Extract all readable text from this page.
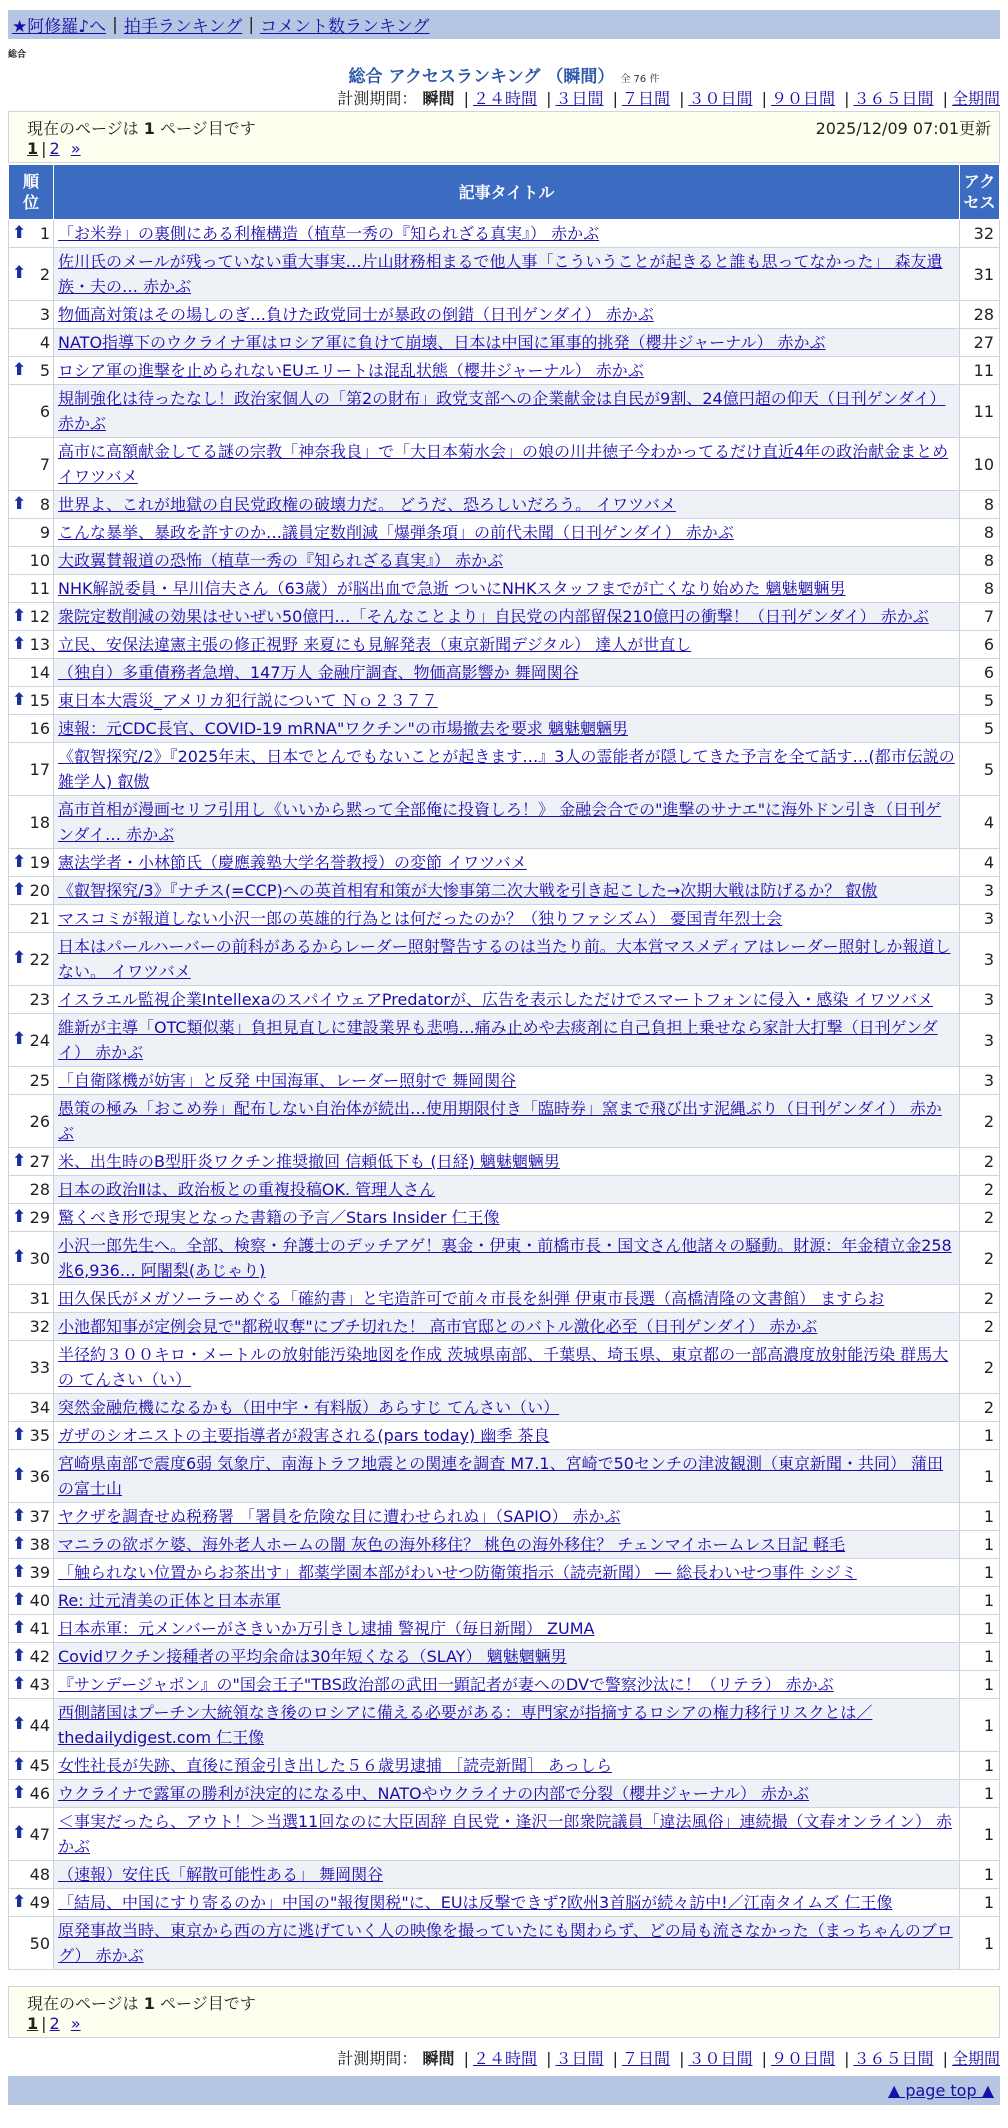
★阿修羅♪へ | 拍手ランキング | コメント数ランキング
総合
総合 アクセスランキング （瞬間） 全 76 件
計測期間： 瞬間 | ２４時間 | ３日間 | ７日間 | ３０日間 | ９０日間 | ３６５日間 | 全期間
現在のページは 1 ページ目です	2025/12/09 07:01更新
1 | 2 »
順位	記事タイトル	アクセス

⬆ 1	「お米券」の裏側にある利権構造（植草一秀の『知られざる真実』） 赤かぶ	32

⬆ 2	佐川氏のメールが残っていない重大事実…片山財務相まるで他人事「こういうことが起きると誰も思ってなかった」 森友遺族・夫の… 赤かぶ	31
3	物価高対策はその場しのぎ…負けた政党同士が暴政の倒錯（日刊ゲンダイ） 赤かぶ	28
4	NATO指導下のウクライナ軍はロシア軍に負けて崩壊、日本は中国に軍事的挑発（櫻井ジャーナル） 赤かぶ	27

⬆ 5	ロシア軍の進撃を止められないEUエリートは混乱状態（櫻井ジャーナル） 赤かぶ	11
6	規制強化は待ったなし！政治家個人の「第2の財布」政党支部への企業献金は自民が9割、24億円超の仰天（日刊ゲンダイ） 赤かぶ	11
7	高市に高額献金してる謎の宗教「神奈我良」で「大日本菊水会」の娘の川井徳子今わかってるだけ直近4年の政治献金まとめ イワツバメ	10

⬆ 8	世界よ、これが地獄の自民党政権の破壊力だ。 どうだ、恐ろしいだろう。 イワツバメ	8
9	こんな暴挙、暴政を許すのか…議員定数削減「爆弾条項」の前代未聞（日刊ゲンダイ） 赤かぶ	8
10	大政翼賛報道の恐怖（植草一秀の『知られざる真実』） 赤かぶ	8
11	NHK解説委員・早川信夫さん（63歳）が脳出血で急逝 ついにNHKスタッフまでが亡くなり始めた 魑魅魍魎男	8

⬆ 12	衆院定数削減の効果はせいぜい50億円…「そんなことより」自民党の内部留保210億円の衝撃！（日刊ゲンダイ） 赤かぶ	7

⬆ 13	立民、安保法違憲主張の修正視野 来夏にも見解発表（東京新聞デジタル） 達人が世直し	6
14	（独自）多重債務者急増、147万人 金融庁調査、物価高影響か 舞岡関谷	6

⬆ 15	東日本大震災_アメリカ犯行説について Ｎｏ２３７７	5
16	速報：元CDC長官、COVID-19 mRNA"ワクチン"の市場撤去を要求 魑魅魍魎男	5
17	《叡智探究/2》『2025年末、日本でとんでもないことが起きます…』3人の霊能者が隠してきた予言を全て話す…(都市伝説の雑学人) 叡傲	5
18	高市首相が漫画セリフ引用し《いいから黙って全部俺に投資しろ！》 金融会合での"進撃のサナエ"に海外ドン引き（日刊ゲンダイ… 赤かぶ	4

⬆ 19	憲法学者・小林節氏（慶應義塾大学名誉教授）の変節 イワツバメ	4

⬆ 20	《叡智探究/3》『ナチス(=CCP)への英首相宥和策が大惨事第二次大戦を引き起こした→次期大戦は防げるか？ 叡傲	3
21	マスコミが報道しない小沢一郎の英雄的行為とは何だったのか？（独りファシズム） 憂国青年烈士会	3

⬆ 22	日本はパールハーバーの前科があるからレーダー照射警告するのは当たり前。大本営マスメディアはレーダー照射しか報道しない。 イワツバメ	3
23	イスラエル監視企業IntellexaのスパイウェアPredatorが、広告を表示しただけでスマートフォンに侵入・感染 イワツバメ	3

⬆ 24	維新が主導「OTC類似薬」負担見直しに建設業界も悲鳴…痛み止めや去痰剤に自己負担上乗せなら家計大打撃（日刊ゲンダイ） 赤かぶ	3
25	「自衛隊機が妨害」と反発 中国海軍、レーダー照射で 舞岡関谷	3
26	愚策の極み「おこめ券」配布しない自治体が続出…使用期限付き「臨時券」窯まで飛び出す泥縄ぶり（日刊ゲンダイ） 赤かぶ	2

⬆ 27	米、出生時のB型肝炎ワクチン推奨撤回 信頼低下も (日経) 魑魅魍魎男	2
28	日本の政治Ⅱは、政治板との重複投稿OK. 管理人さん	2

⬆ 29	驚くべき形で現実となった書籍の予言／Stars Insider 仁王像	2

⬆ 30	小沢一郎先生へ。全部、検察・弁護士のデッチアゲ！裏金・伊東・前橋市長・国文さん他諸々の騒動。財源：年金積立金258兆6,936… 阿闍梨(あじゃり)	2
31	田久保氏がメガソーラーめぐる「確約書」と宅造許可で前々市長を糾弾 伊東市長選（高橋清隆の文書館） ますらお	2
32	小池都知事が定例会見で"都税収奪"にブチ切れた！ 高市官邸とのバトル激化必至（日刊ゲンダイ） 赤かぶ	2
33	半径約３００キロ・メートルの放射能汚染地図を作成 茨城県南部、千葉県、埼玉県、東京都の一部高濃度放射能汚染 群馬大の てんさい（い）	2
34	突然金融危機になるかも（田中宇・有料版）あらすじ てんさい（い）	2

⬆ 35	ガザのシオニストの主要指導者が殺害される(pars today) 幽季 茶良	1

⬆ 36	宮崎県南部で震度6弱 気象庁、南海トラフ地震との関連を調査 M7.1、宮崎で50センチの津波観測（東京新聞・共同） 蒲田の富士山	1

⬆ 37	ヤクザを調査せぬ税務署 「署員を危険な目に遭わせられぬ」（SAPIO） 赤かぶ	1

⬆ 38	マニラの欲ボケ婆、海外老人ホームの闇 灰色の海外移住？ 桃色の海外移住？ チェンマイホームレス日記 軽毛	1

⬆ 39	「触られない位置からお茶出す」都薬学園本部がわいせつ防衛策指示（読売新聞） ― 総長わいせつ事件 シジミ	1

⬆ 40	Re: 辻元清美の正体と日本赤軍	1

⬆ 41	日本赤軍：元メンバーがさきいか万引きし逮捕 警視庁（毎日新聞） ZUMA	1

⬆ 42	Covidワクチン接種者の平均余命は30年短くなる（SLAY） 魑魅魍魎男	1

⬆ 43	『サンデージャポン』の"国会王子"TBS政治部の武田一顕記者が妻へのDVで警察沙汰に！（リテラ） 赤かぶ	1

⬆ 44	西側諸国はプーチン大統領なき後のロシアに備える必要がある：専門家が指摘するロシアの権力移行リスクとは／thedailydigest.com 仁王像	1

⬆ 45	女性社長が失跡、直後に預金引き出した５６歳男逮捕 ［読売新聞］ あっしら	1

⬆ 46	ウクライナで露軍の勝利が決定的になる中、NATOやウクライナの内部で分裂（櫻井ジャーナル） 赤かぶ	1

⬆ 47	＜事実だったら、アウト！＞当選11回なのに大臣固辞 自民党・逢沢一郎衆院議員「違法風俗」連続撮（文春オンライン） 赤かぶ	1
48	（速報）安住氏「解散可能性ある」 舞岡関谷	1

⬆ 49	「結局、中国にすり寄るのか」中国の"報復関税"に、EUは反撃できず?欧州3首脳が続々訪中!／江南タイムズ 仁王像	1
50	原発事故当時、東京から西の方に逃げていく人の映像を撮っていたにも関わらず、どの局も流さなかった（まっちゃんのブログ） 赤かぶ	1
現在のページは 1 ページ目です
1 | 2 »
計測期間： 瞬間 | ２４時間 | ３日間 | ７日間 | ３０日間 | ９０日間 | ３６５日間 | 全期間
▲ page top ▲
